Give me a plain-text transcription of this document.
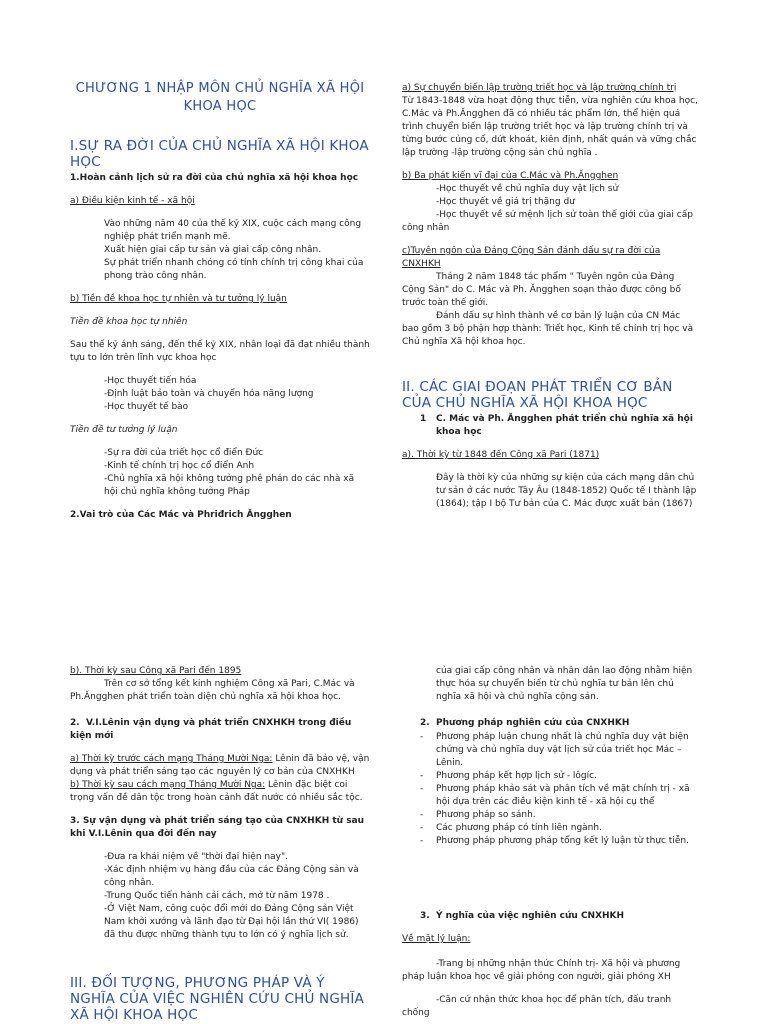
CHƯƠNG 1 NHẬP MÔN CHỦ NGHĨA XÃ HỘI KHOA HỌC
I.SỰ RA ĐỜI CỦA CHỦ NGHĨA XÃ HỘI KHOA HỌC
1.Hoàn cảnh lịch sử ra đời của chủ nghĩa xã hội khoa học
a) Điều kiện kinh tế - xã hội
Vào những năm 40 của thế kỷ XIX, cuộc cách mạng công nghiệp phát triển mạnh mẽ.
Xuất hiện giai cấp tư sản và giai cấp công nhân.
Sự phát triển nhanh chóng có tính chính trị công khai của phong trào công nhân.
b) Tiền đề khoa học tự nhiên và tư tưởng lý luận
Tiền đề khoa học tự nhiên
Sau thế kỷ ánh sáng, đến thế kỷ XIX, nhân loại đã đạt nhiều thành tựu to lớn trên lĩnh vực khoa học
-Học thuyết tiến hóa
-Định luật bảo toàn và chuyển hóa năng lượng
-Học thuyết tế bào
Tiền đề tư tưởng lý luận
-Sự ra đời của triết học cổ điển Đức
-Kinh tế chính trị học cổ điển Anh
-Chủ nghĩa xã hội không tưởng phê phán do các nhà xã hội chủ nghĩa không tưởng Pháp
2.Vai trò của Các Mác và Phriđrich Ăngghen
a) Sự chuyển biến lập trường triết học và lập trường chính trị
Từ 1843-1848 vừa hoạt động thực tiễn, vừa nghiên cứu khoa học, C.Mác và Ph.Ăngghen đã có nhiều tác phẩm lớn, thể hiện quá trình chuyển biến lập trường triết học và lập trường chính trị và từng bước củng cố, dứt khoát, kiên định, nhất quán và vững chắc lập trường -lập trường cộng sản chủ nghĩa .
b) Ba phát kiến vĩ đại của C.Mác và Ph.Ăngghen
-Học thuyết về chủ nghĩa duy vật lịch sử
-Học thuyết về giá trị thặng dư
-Học thuyết về sứ mệnh lịch sử toàn thế giới của giai cấp công nhân
c)Tuyên ngôn của Đảng Cộng Sản đánh dấu sự ra đời của CNXHKH
Tháng 2 năm 1848 tác phẩm " Tuyên ngôn của Đảng Cộng Sản" do C. Mác và Ph. Ăngghen soạn thảo được công bố trước toàn thế giới.
Đánh dấu sự hình thành về cơ bản lý luận của CN Mác bao gồm 3 bộ phận hợp thành: Triết học, Kinh tế chính trị học và Chủ nghĩa Xã hội khoa học.
II. CÁC GIAI ĐOẠN PHÁT TRIỂN CƠ BẢN CỦA CHỦ NGHĨA XÃ HỘI KHOA HỌC
1 C. Mác và Ph. Ăngghen phát triển chủ nghĩa xã hội khoa học
a). Thời kỳ từ 1848 đến Công xã Pari (1871)
Đây là thời kỳ của những sự kiện của cách mạng dân chủ tư sản ở các nước Tây Âu (1848-1852) Quốc tế I thành lập (1864); tập I bộ Tư bản của C. Mác được xuất bản (1867)
b). Thời kỳ sau Công xã Pari đến 1895
Trên cơ sở tổng kết kinh nghiệm Công xã Pari, C.Mác và Ph.Ăngghen phát triển toàn diện chủ nghĩa xã hội khoa học.
2. V.I.Lênin vận dụng và phát triển CNXHKH trong điều kiện mới
a) Thời kỳ trước cách mạng Tháng Mười Nga: Lênin đã bảo vệ, vận dụng và phát triển sáng tạo các nguyên lý cơ bản của CNXHKH
b) Thời kỳ sau cách mạng Tháng Mười Nga: Lênin đặc biệt coi trọng vấn đề dân tộc trong hoàn cảnh đất nước có nhiều sắc tộc.
3. Sự vận dụng và phát triển sáng tạo của CNXHKH từ sau khi V.I.Lênin qua đời đến nay
-Đưa ra khái niệm về "thời đại hiện nay".
-Xác định nhiệm vụ hàng đầu của các Đảng Cộng sản và công nhân.
-Trung Quốc tiến hành cải cách, mở từ năm 1978 .
-Ở Việt Nam, công cuộc đổi mới do Đảng Cộng sản Việt Nam khởi xướng và lãnh đạo từ Đại hội lần thứ VI( 1986) đã thu được những thành tựu to lớn có ý nghĩa lịch sử.
III. ĐỐI TƯỢNG, PHƯƠNG PHÁP VÀ Ý NGHĨA CỦA VIỆC NGHIÊN CỨU CHỦ NGHĨA XÃ HỘI KHOA HỌC
của giai cấp công nhân và nhân dân lao động nhằm hiện thực hóa sự chuyển biến từ chủ nghĩa tư bản lên chủ nghĩa xã hội và chủ nghĩa cộng sản.
2. Phương pháp nghiên cứu của CNXHKH
- Phương pháp luận chung nhất là chủ nghĩa duy vật biện chứng và chủ nghĩa duy vật lịch sử của triết học Mác – Lênin.
- Phương pháp kết hợp lịch sử - lôgíc.
- Phương pháp khảo sát và phân tích về mặt chính trị - xã hội dựa trên các điều kiện kinh tế - xã hội cụ thể
- Phương pháp so sánh.
- Các phương pháp có tính liên ngành.
- Phương pháp phương pháp tổng kết lý luận từ thực tiễn.
3. Ý nghĩa của việc nghiên cứu CNXHKH
Về mặt lý luận:
-Trang bị những nhận thức Chính trị- Xã hội và phương pháp luận khoa học về giải phóng con người, giải phóng XH
-Căn cứ nhận thức khoa học để phân tích, đấu tranh chống
